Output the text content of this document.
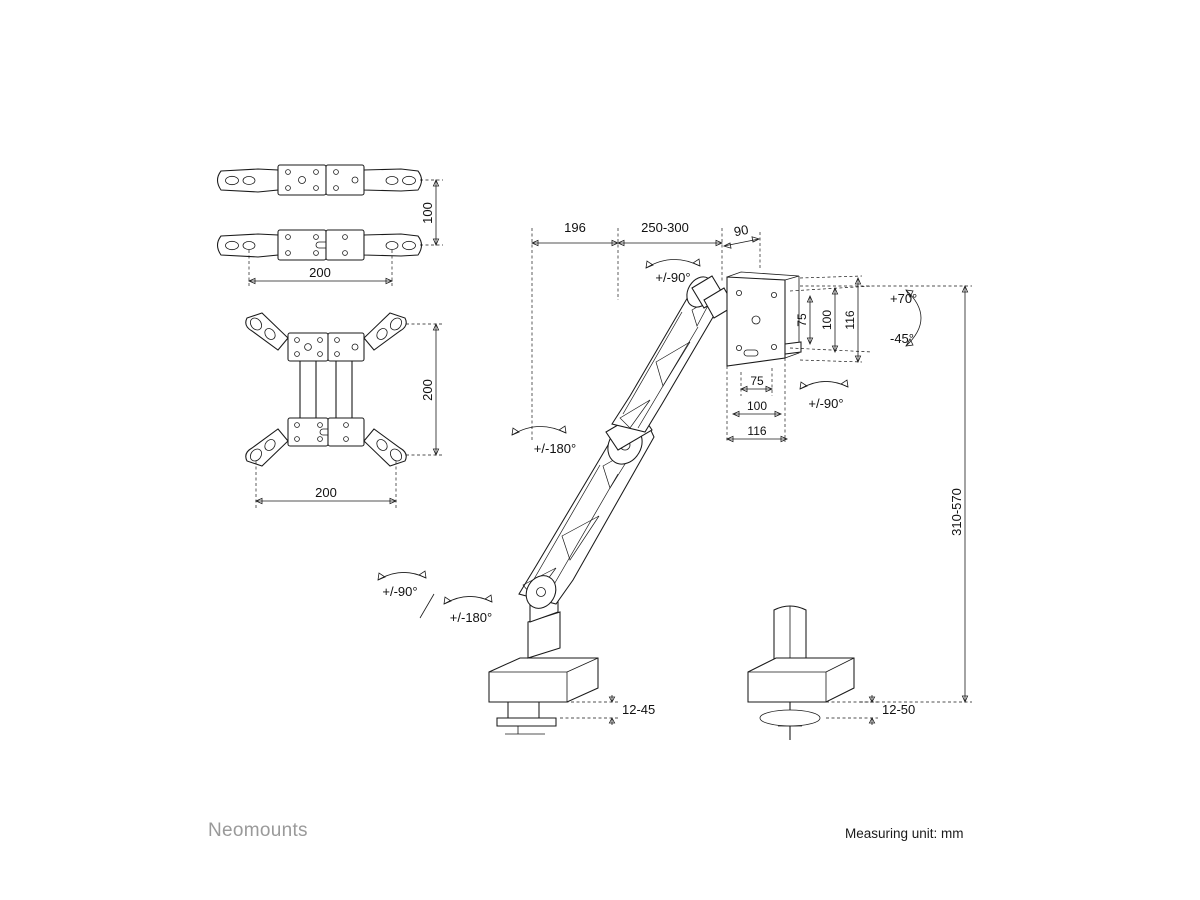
100
200
200
200
196	250-300	90
+/-90°
+/-180°
+/-90°
+/-180°
+/-90°
+70°
-45°
75 100 116
75
100
116
12-45
310-570
12-50
Neomounts	Measuring unit: mm
